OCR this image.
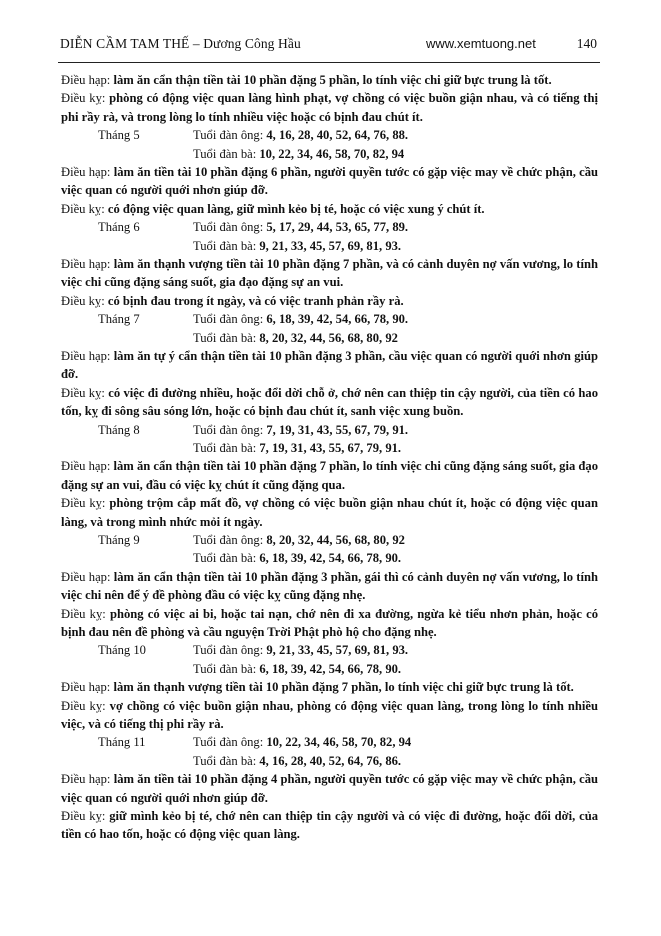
DIỄN CẦM TAM THẾ – Dương Công Hầu	www.xemtuong.net	140

Điều hạp: làm ăn cẩn thận tiền tài 10 phần đặng 5 phần, lo tính việc chi giữ bực trung là tốt.

Điều kỵ: phòng có động việc quan làng hình phạt, vợ chồng có việc buồn giận nhau, và có tiếng thị phi rầy rà, và trong lòng lo tính nhiều việc hoặc có bịnh đau chút ít.

Tháng 5	Tuổi đàn ông: 4, 16, 28, 40, 52, 64, 76, 88.
Tuổi đàn bà: 10, 22, 34, 46, 58, 70, 82, 94

Điều hạp: làm ăn tiền tài 10 phần đặng 6 phần, người quyền tước có gặp việc may về chức phận, cầu việc quan có người quới nhơn giúp đỡ.

Điều kỵ: có động việc quan làng, giữ mình kẻo bị té, hoặc có việc xung ý chút ít.

Tháng 6	Tuổi đàn ông: 5, 17, 29, 44, 53, 65, 77, 89.
Tuổi đàn bà: 9, 21, 33, 45, 57, 69, 81, 93.

Điều hạp: làm ăn thạnh vượng tiền tài 10 phần đặng 7 phần, và có cảnh duyên nợ vấn vương, lo tính việc chi cũng đặng sáng suốt, gia đạo đặng sự an vui.

Điều kỵ: có bịnh đau trong ít ngày, và có việc tranh phản rầy rà.

Tháng 7	Tuổi đàn ông: 6, 18, 39, 42, 54, 66, 78, 90.
Tuổi đàn bà: 8, 20, 32, 44, 56, 68, 80, 92

Điều hạp: làm ăn tự ý cẩn thận tiền tài 10 phần đặng 3 phần, cầu việc quan có người quới nhơn giúp đỡ.

Điều kỵ: có việc đi đường nhiều, hoặc đổi dời chỗ ở, chớ nên can thiệp tin cậy người, của tiền có hao tốn, kỵ đi sông sâu sóng lớn, hoặc có bịnh đau chút ít, sanh việc xung buồn.

Tháng 8	Tuổi đàn ông: 7, 19, 31, 43, 55, 67, 79, 91.
Tuổi đàn bà: 7, 19, 31, 43, 55, 67, 79, 91.

Điều hạp: làm ăn cẩn thận tiền tài 10 phần đặng 7 phần, lo tính việc chi cũng đặng sáng suốt, gia đạo đặng sự an vui, đầu có việc kỵ chút ít cũng đặng qua.

Điều kỵ: phòng trộm cắp mất đồ, vợ chồng có việc buồn giận nhau chút ít, hoặc có động việc quan làng, và trong mình nhức mỏi ít ngày.

Tháng 9	Tuổi đàn ông: 8, 20, 32, 44, 56, 68, 80, 92
Tuổi đàn bà: 6, 18, 39, 42, 54, 66, 78, 90.

Điều hạp: làm ăn cẩn thận tiền tài 10 phần đặng 3 phần, gái thì có cảnh duyên nợ vấn vương, lo tính việc chi nên để ý đề phòng đầu có việc kỵ cũng đặng nhẹ.

Điều kỵ: phòng có việc ai bi, hoặc tai nạn, chớ nên đi xa đường, ngừa kẻ tiểu nhơn phản, hoặc có bịnh đau nên đề phòng và cầu nguyện Trời Phật phò hộ cho đặng nhẹ.

Tháng 10	Tuổi đàn ông: 9, 21, 33, 45, 57, 69, 81, 93.
Tuổi đàn bà: 6, 18, 39, 42, 54, 66, 78, 90.

Điều hạp: làm ăn thạnh vượng tiền tài 10 phần đặng 7 phần, lo tính việc chi giữ bực trung là tốt.

Điều kỵ: vợ chồng có việc buồn giận nhau, phòng có động việc quan làng, trong lòng lo tính nhiều việc, và có tiếng thị phi rầy rà.

Tháng 11	Tuổi đàn ông: 10, 22, 34, 46, 58, 70, 82, 94
Tuổi đàn bà: 4, 16, 28, 40, 52, 64, 76, 86.

Điều hạp: làm ăn tiền tài 10 phần đặng 4 phần, người quyền tước có gặp việc may về chức phận, cầu việc quan có người quới nhơn giúp đỡ.

Điều kỵ: giữ mình kẻo bị té, chớ nên can thiệp tin cậy người và có việc đi đường, hoặc đổi dời, của tiền có hao tốn, hoặc có động việc quan làng.
